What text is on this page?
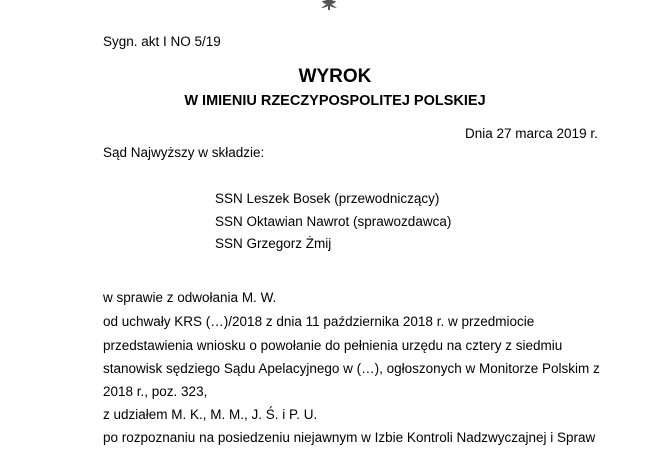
Sygn. akt I NO 5/19
WYROK
W IMIENIU RZECZYPOSPOLITEJ POLSKIEJ
Dnia 27 marca 2019 r.
Sąd Najwyższy w składzie:
SSN Leszek Bosek (przewodniczący)
SSN Oktawian Nawrot (sprawozdawca)
SSN Grzegorz Żmij
w sprawie z odwołania M. W.
od uchwały KRS (…)/2018 z dnia 11 października 2018 r. w przedmiocie
przedstawienia wniosku o powołanie do pełnienia urzędu na cztery z siedmiu
stanowisk sędziego Sądu Apelacyjnego w (…), ogłoszonych w Monitorze Polskim z
2018 r., poz. 323,
z udziałem M. K., M. M., J. Ś. i P. U.
po rozpoznaniu na posiedzeniu niejawnym w Izbie Kontroli Nadzwyczajnej i Spraw
